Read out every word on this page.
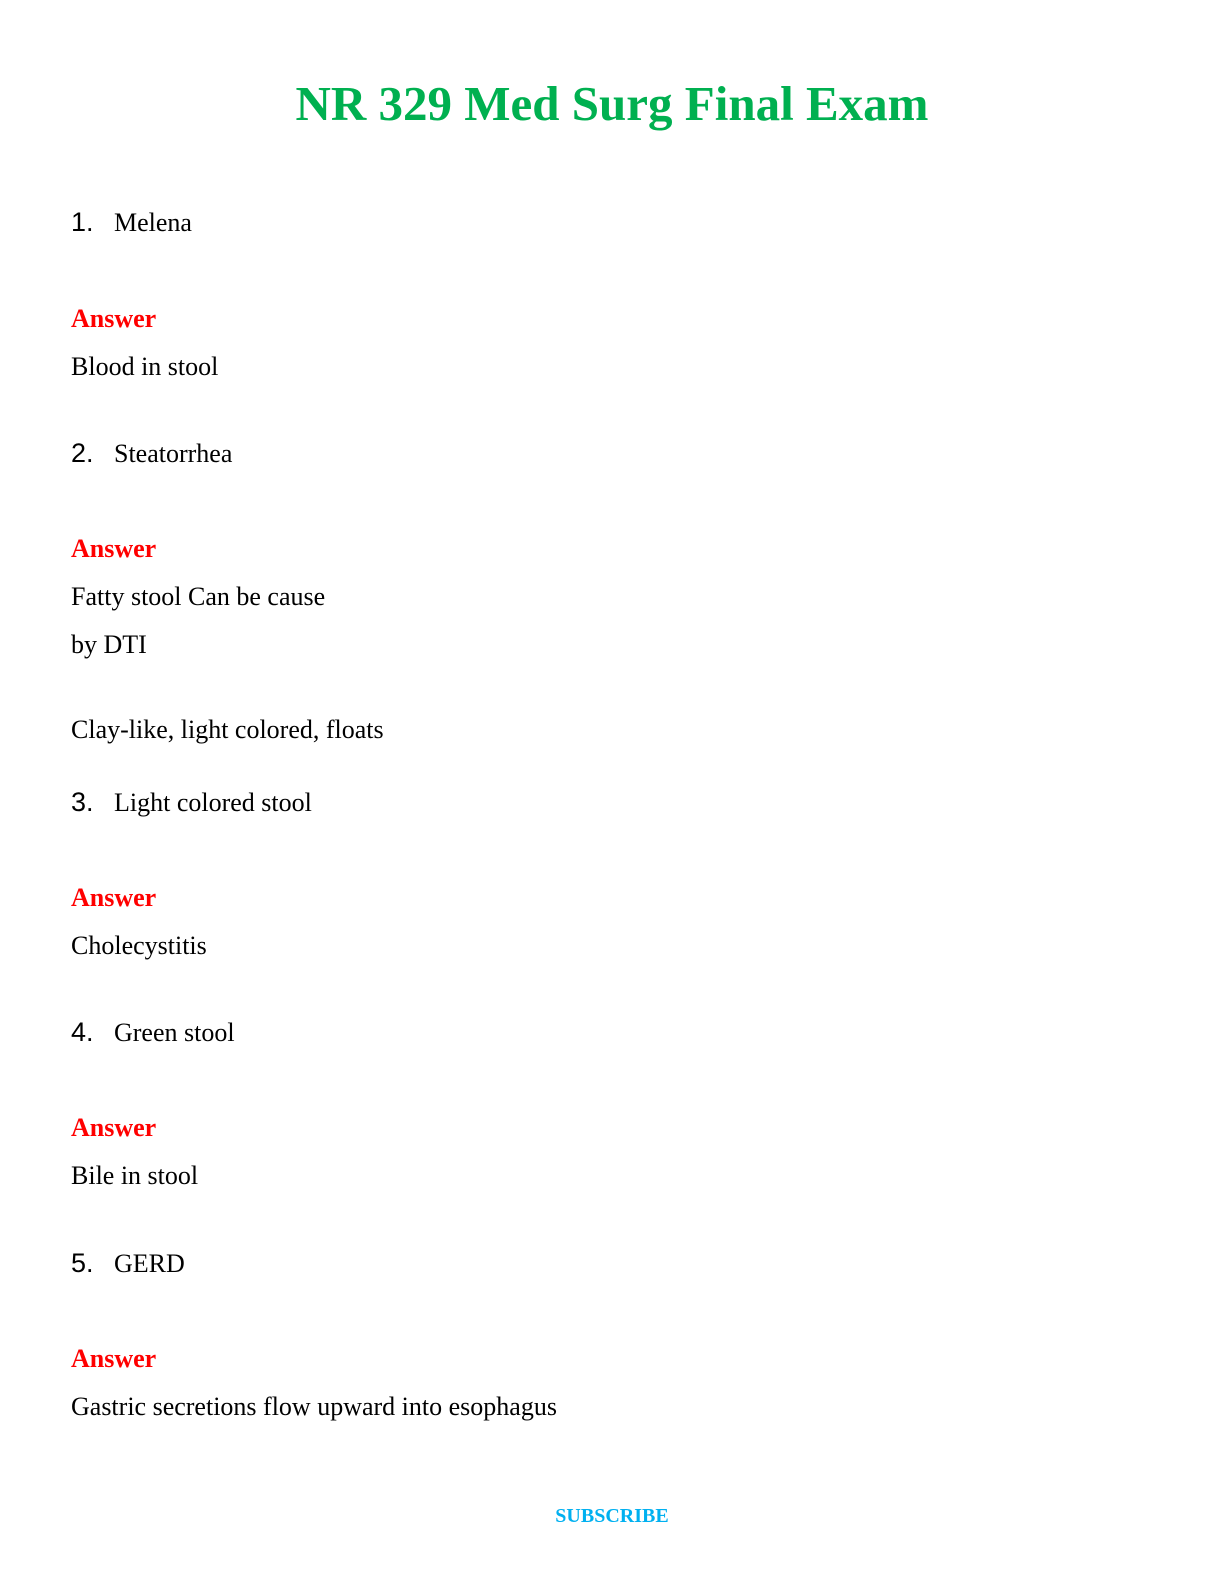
NR 329 Med Surg Final Exam
1. Melena
Answer
Blood in stool
2. Steatorrhea
Answer
Fatty stool Can be cause
by DTI
Clay-like, light colored, floats
3. Light colored stool
Answer
Cholecystitis
4. Green stool
Answer
Bile in stool
5. GERD
Answer
Gastric secretions flow upward into esophagus
SUBSCRIBE
